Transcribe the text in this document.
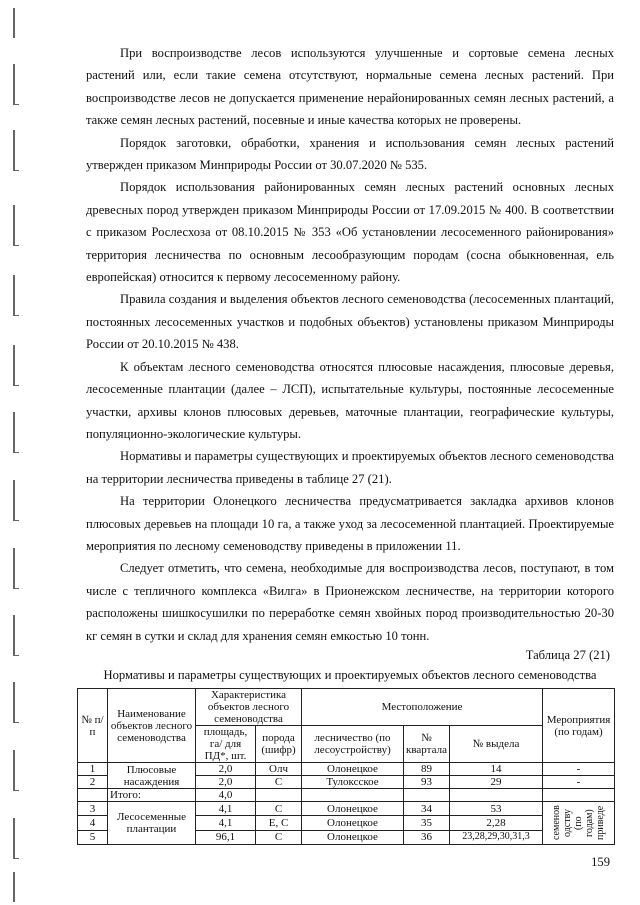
При воспроизводстве лесов используются улучшенные и сортовые семена лесных растений или, если такие семена отсутствуют, нормальные семена лесных растений. При воспроизводстве лесов не допускается применение нерайонированных семян лесных растений, а также семян лесных растений, посевные и иные качества которых не проверены.

Порядок заготовки, обработки, хранения и использования семян лесных растений утвержден приказом Минприроды России от 30.07.2020 № 535.

Порядок использования районированных семян лесных растений основных лесных древесных пород утвержден приказом Минприроды России от 17.09.2015 № 400. В соответствии с приказом Рослесхоза от 08.10.2015 № 353 «Об установлении лесосеменного районирования» территория лесничества по основным лесообразующим породам (сосна обыкновенная, ель европейская) относится к первому лесосеменному району.

Правила создания и выделения объектов лесного семеноводства (лесосеменных плантаций, постоянных лесосеменных участков и подобных объектов) установлены приказом Минприроды России от 20.10.2015 № 438.

К объектам лесного семеноводства относятся плюсовые насаждения, плюсовые деревья, лесосеменные плантации (далее – ЛСП), испытательные культуры, постоянные лесосеменные участки, архивы клонов плюсовых деревьев, маточные плантации, географические культуры, популяционно-экологические культуры.

Нормативы и параметры существующих и проектируемых объектов лесного семеноводства на территории лесничества приведены в таблице 27 (21).

На территории Олонецкого лесничества предусматривается закладка архивов клонов плюсовых деревьев на площади 10 га, а также уход за лесосеменной плантацией. Проектируемые мероприятия по лесному семеноводству приведены в приложении 11.

Следует отметить, что семена, необходимые для воспроизводства лесов, поступают, в том числе с тепличного комплекса «Вилга» в Прионежском лесничестве, на территории которого расположены шишкосушилки по переработке семян хвойных пород производительностью 20-30 кг семян в сутки и склад для хранения семян емкостью 10 тонн.

Таблица 27 (21)
Нормативы и параметры существующих и проектируемых объектов лесного семеноводства
№ п/п	Наименование объектов лесного семеноводства	Характеристика объектов лесного семеноводства		Местоположение			Мероприятия (по годам)
		площадь, га/ для ПД*, шт.	порода (шифр)	лесничество (по лесоустройству)	№ квартала	№ выдела	
1	Плюсовые насаждения	2,0	Олч	Олонецкое	89	14	-
2		2,0	С	Тулоксское	93	29	-
	Итого:	4,0					
3	Лесосеменные плантации	4,1	С	Олонецкое	34	53	семенов одству (по годам) приведе

4		4,1	Е, С	Олонецкое	35	2,28	
5		96,1	С	Олонецкое	36	23,28,29,30,31,3	
159
